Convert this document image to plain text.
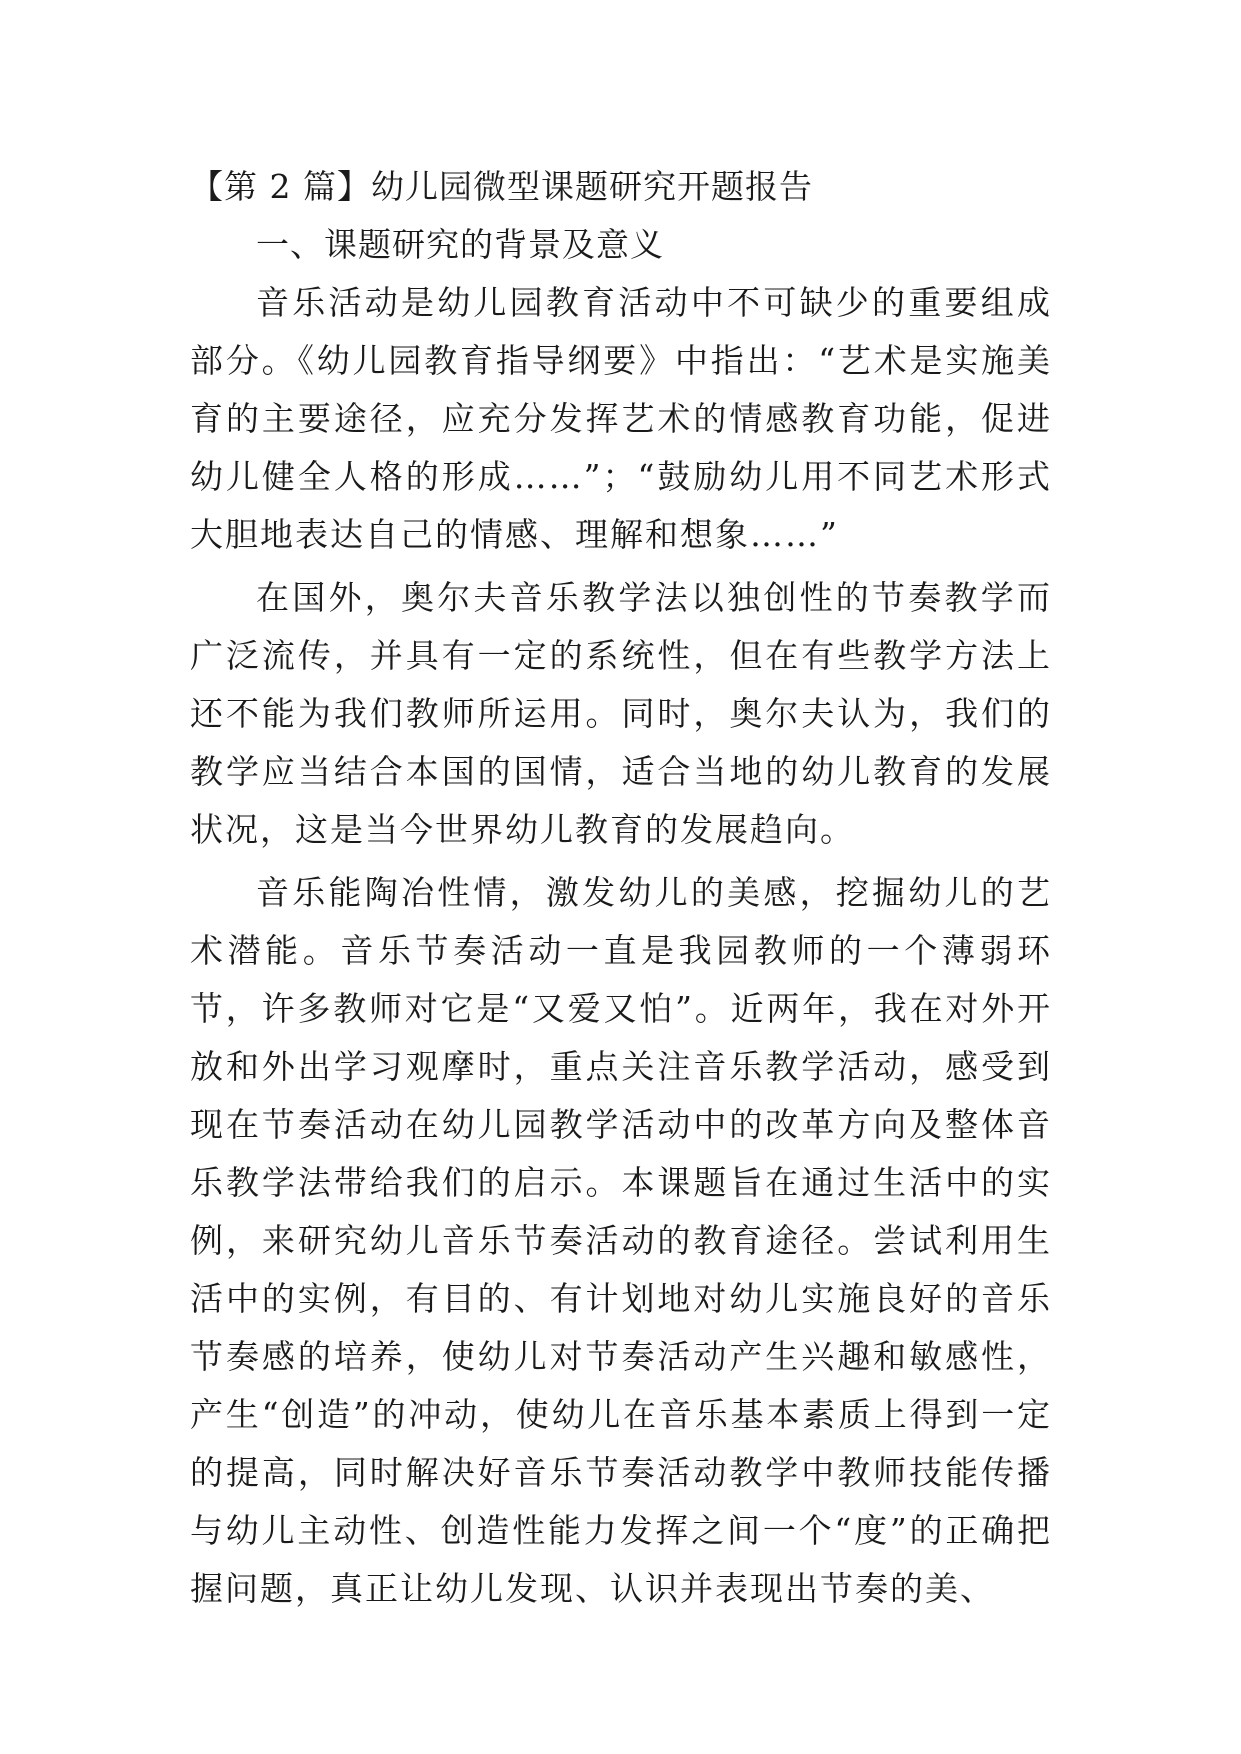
【第 2 篇】幼儿园微型课题研究开题报告
一、课题研究的背景及意义

音乐活动是幼儿园教育活动中不可缺少的重要组成部分。《幼儿园教育指导纲要》中指出：“艺术是实施美育的主要途径，应充分发挥艺术的情感教育功能，促进幼儿健全人格的形成……”；“鼓励幼儿用不同艺术形式大胆地表达自己的情感、理解和想象……”

在国外，奥尔夫音乐教学法以独创性的节奏教学而广泛流传，并具有一定的系统性，但在有些教学方法上还不能为我们教师所运用。同时，奥尔夫认为，我们的教学应当结合本国的国情，适合当地的幼儿教育的发展状况，这是当今世界幼儿教育的发展趋向。

音乐能陶冶性情，激发幼儿的美感，挖掘幼儿的艺术潜能。音乐节奏活动一直是我园教师的一个薄弱环节，许多教师对它是“又爱又怕”。近两年，我在对外开放和外出学习观摩时，重点关注音乐教学活动，感受到现在节奏活动在幼儿园教学活动中的改革方向及整体音乐教学法带给我们的启示。本课题旨在通过生活中的实例，来研究幼儿音乐节奏活动的教育途径。尝试利用生活中的实例，有目的、有计划地对幼儿实施良好的音乐节奏感的培养，使幼儿对节奏活动产生兴趣和敏感性，产生“创造”的冲动，使幼儿在音乐基本素质上得到一定的提高，同时解决好音乐节奏活动教学中教师技能传播与幼儿主动性、创造性能力发挥之间一个“度”的正确把握问题，真正让幼儿发现、认识并表现出节奏的美、
